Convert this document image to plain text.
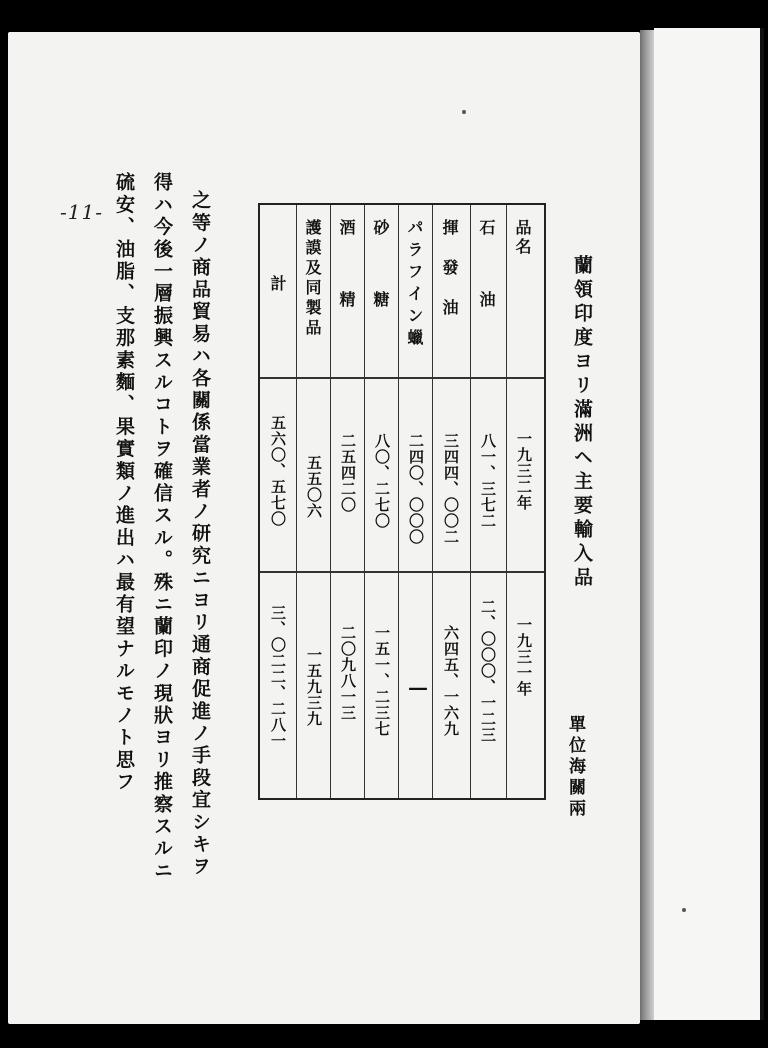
蘭領印度ヨリ滿洲ヘ主要輸入品
單位海關兩
品名
一九三二年
一九三一年
石油
八一、三七二
二、〇〇〇、一二三
揮發油
三四四、〇〇二
六四五、一六九
パラフイン蠟
二四〇、〇〇〇
—
砂糖
八〇、二七〇
一五一、二三七
酒精
二五四二〇
二〇九八一三
護謨及同製品
五五〇六
一五九三九
計
五六〇、五七〇
三、〇二二、二八一
之等ノ商品貿易ハ各關係當業者ノ研究ニヨリ通商促進ノ手段宜シキヲ
得ハ今後一層振興スルコトヲ確信スル。殊ニ蘭印ノ現狀ヨリ推察スルニ
硫安、油脂、支那素麵、果實類ノ進出ハ最有望ナルモノト思フ
-11-
